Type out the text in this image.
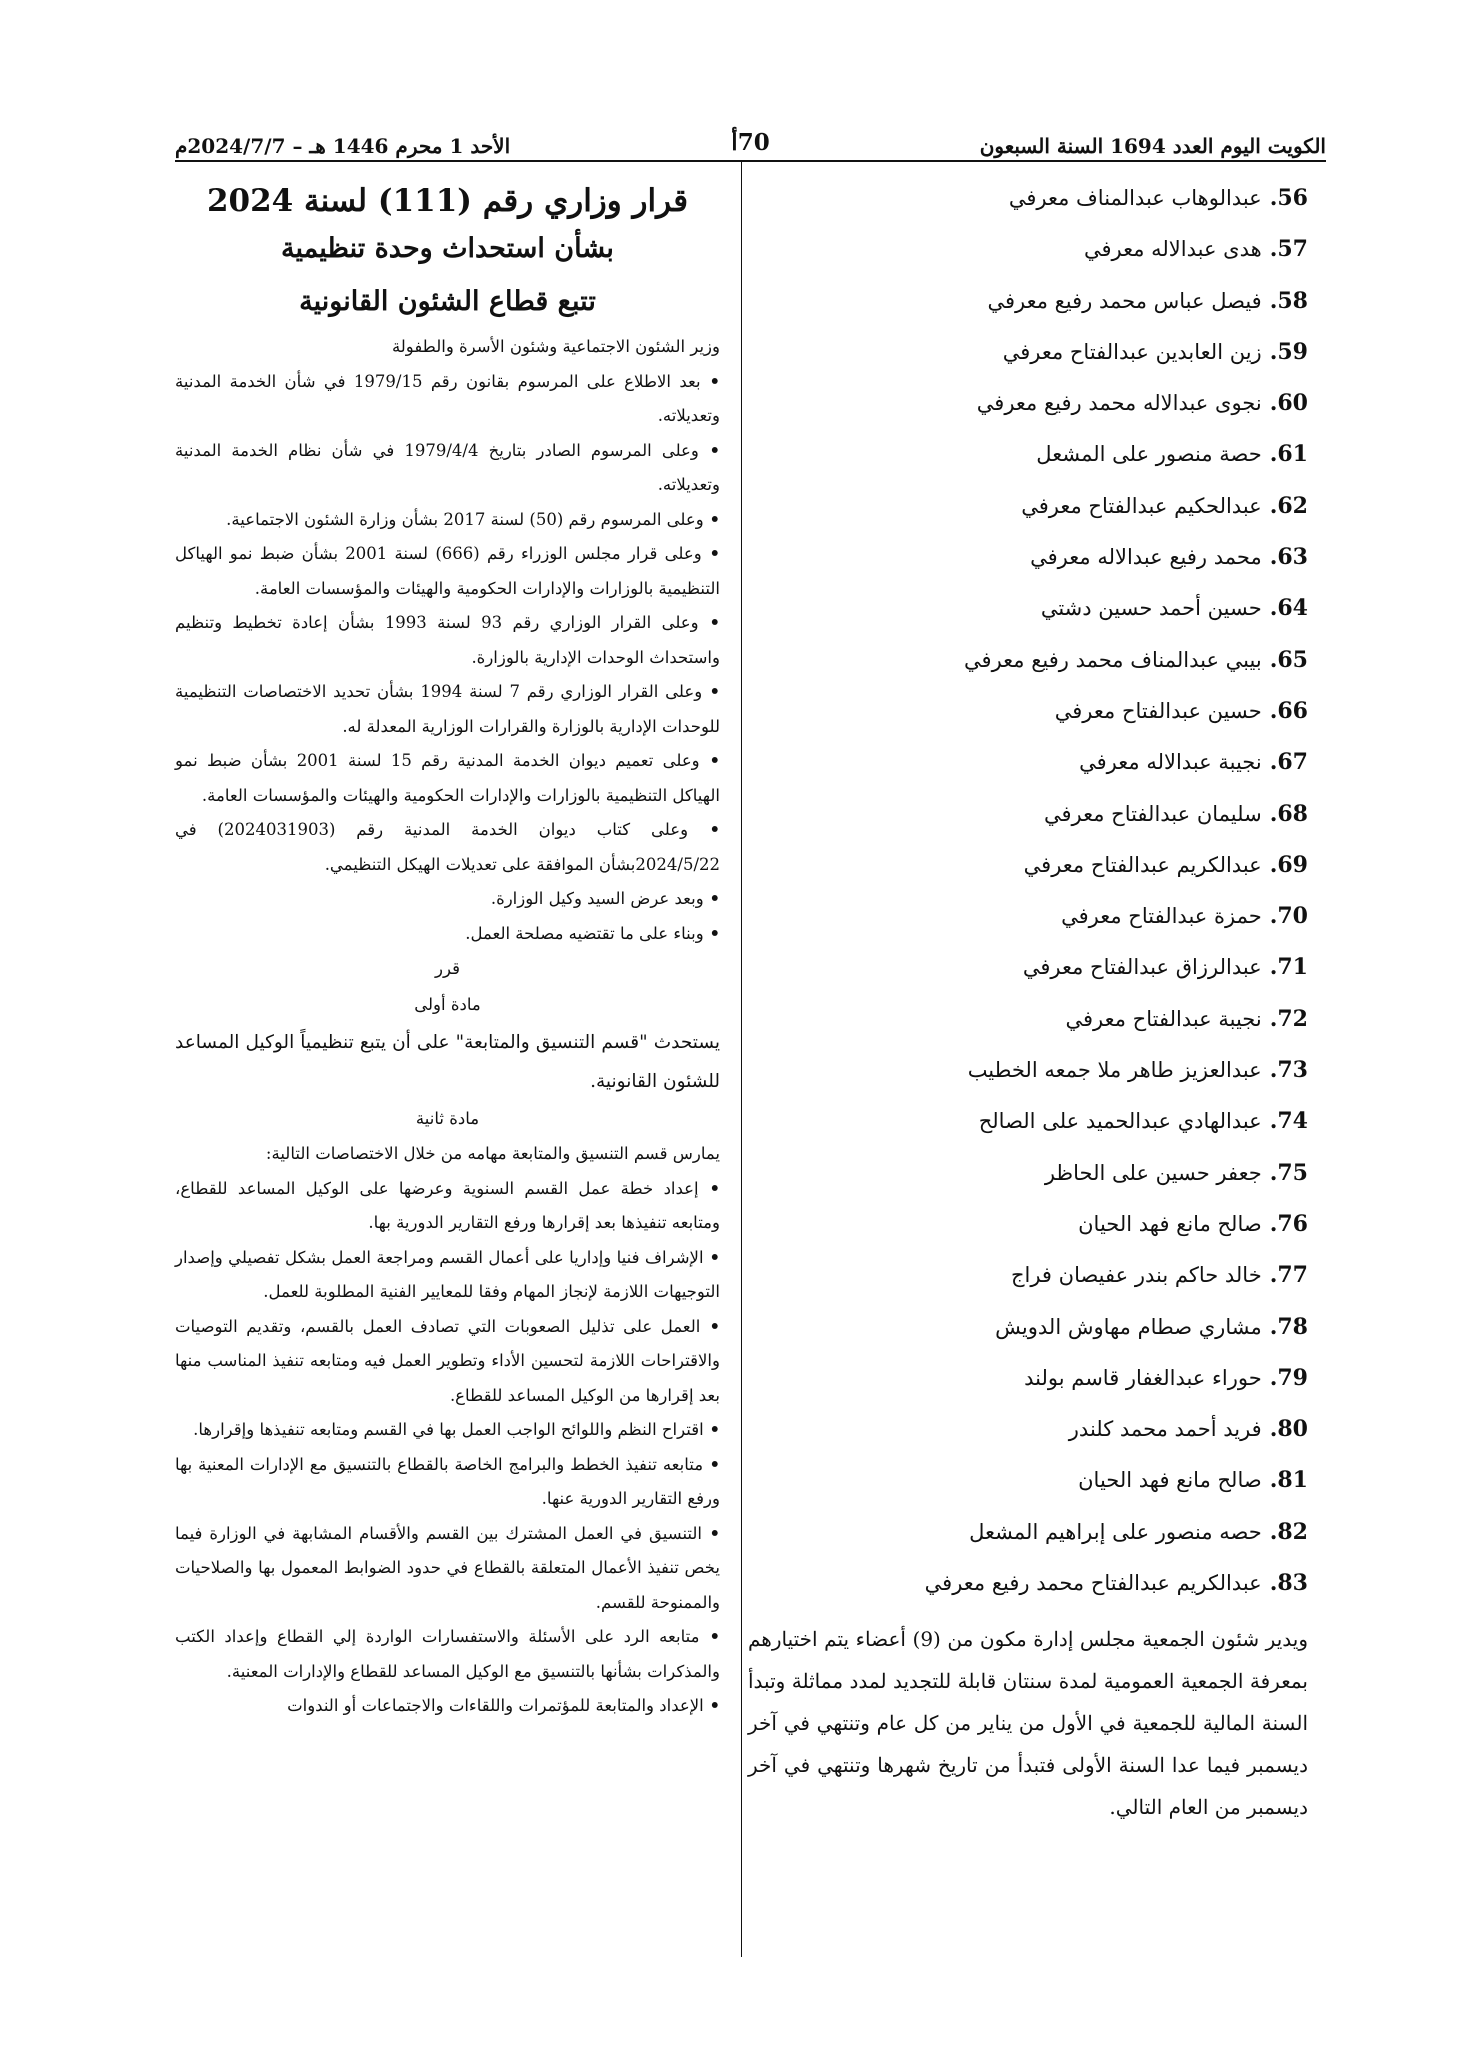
الكويت اليوم العدد 1694 السنة السبعون
70أ
الأحد 1 محرم 1446 هـ – 2024/7/7م
56.عبدالوهاب عبدالمناف معرفي
57.هدى عبدالاله معرفي
58.فيصل عباس محمد رفيع معرفي
59.زين العابدين عبدالفتاح معرفي
60.نجوى عبدالاله محمد رفيع معرفي
61.حصة منصور على المشعل
62.عبدالحكيم عبدالفتاح معرفي
63.محمد رفيع عبدالاله معرفي
64.حسين أحمد حسين دشتي
65.بيبي عبدالمناف محمد رفيع معرفي
66.حسين عبدالفتاح معرفي
67.نجيبة عبدالاله معرفي
68.سليمان عبدالفتاح معرفي
69.عبدالكريم عبدالفتاح معرفي
70.حمزة عبدالفتاح معرفي
71.عبدالرزاق عبدالفتاح معرفي
72.نجيبة عبدالفتاح معرفي
73.عبدالعزيز طاهر ملا جمعه الخطيب
74.عبدالهادي عبدالحميد على الصالح
75.جعفر حسين على الحاظر
76.صالح مانع فهد الحيان
77.خالد حاكم بندر عفيصان فراج
78.مشاري صطام مهاوش الدويش
79.حوراء عبدالغفار قاسم بولند
80.فريد أحمد محمد كلندر
81.صالح مانع فهد الحيان
82.حصه منصور على إبراهيم المشعل
83.عبدالكريم عبدالفتاح محمد رفيع معرفي
ويدير شئون الجمعية مجلس إدارة مكون من (9) أعضاء يتم اختيارهم بمعرفة الجمعية العمومية لمدة سنتان قابلة للتجديد لمدد مماثلة وتبدأ السنة المالية للجمعية في الأول من يناير من كل عام وتنتهي في آخر ديسمبر فيما عدا السنة الأولى فتبدأ من تاريخ شهرها وتنتهي في آخر ديسمبر من العام التالي.
قرار وزاري رقم (111) لسنة 2024
بشأن استحداث وحدة تنظيمية
تتبع قطاع الشئون القانونية
وزير الشئون الاجتماعية وشئون الأسرة والطفولة
• بعد الاطلاع على المرسوم بقانون رقم 1979/15 في شأن الخدمة المدنية وتعديلاته.
• وعلى المرسوم الصادر بتاريخ 1979/4/4 في شأن نظام الخدمة المدنية وتعديلاته.
• وعلى المرسوم رقم (50) لسنة 2017 بشأن وزارة الشئون الاجتماعية.
• وعلى قرار مجلس الوزراء رقم (666) لسنة 2001 بشأن ضبط نمو الهياكل التنظيمية بالوزارات والإدارات الحكومية والهيئات والمؤسسات العامة.
• وعلى القرار الوزاري رقم 93 لسنة 1993 بشأن إعادة تخطيط وتنظيم واستحداث الوحدات الإدارية بالوزارة.
• وعلى القرار الوزاري رقم 7 لسنة 1994 بشأن تحديد الاختصاصات التنظيمية للوحدات الإدارية بالوزارة والقرارات الوزارية المعدلة له.
• وعلى تعميم ديوان الخدمة المدنية رقم 15 لسنة 2001 بشأن ضبط نمو الهياكل التنظيمية بالوزارات والإدارات الحكومية والهيئات والمؤسسات العامة.
• وعلى كتاب ديوان الخدمة المدنية رقم (2024031903) في 2024/5/22بشأن الموافقة على تعديلات الهيكل التنظيمي.
• وبعد عرض السيد وكيل الوزارة.
• وبناء على ما تقتضيه مصلحة العمل.
قرر
مادة أولى
يستحدث "قسم التنسيق والمتابعة" على أن يتبع تنظيمياً الوكيل المساعد للشئون القانونية.
مادة ثانية
يمارس قسم التنسيق والمتابعة مهامه من خلال الاختصاصات التالية:
• إعداد خطة عمل القسم السنوية وعرضها على الوكيل المساعد للقطاع، ومتابعه تنفيذها بعد إقرارها ورفع التقارير الدورية بها.
• الإشراف فنيا وإداريا على أعمال القسم ومراجعة العمل بشكل تفصيلي وإصدار التوجيهات اللازمة لإنجاز المهام وفقا للمعايير الفنية المطلوبة للعمل.
• العمل على تذليل الصعوبات التي تصادف العمل بالقسم، وتقديم التوصيات والاقتراحات اللازمة لتحسين الأداء وتطوير العمل فيه ومتابعه تنفيذ المناسب منها بعد إقرارها من الوكيل المساعد للقطاع.
• اقتراح النظم واللوائح الواجب العمل بها في القسم ومتابعه تنفيذها وإقرارها.
• متابعه تنفيذ الخطط والبرامج الخاصة بالقطاع بالتنسيق مع الإدارات المعنية بها ورفع التقارير الدورية عنها.
• التنسيق في العمل المشترك بين القسم والأقسام المشابهة في الوزارة فيما يخص تنفيذ الأعمال المتعلقة بالقطاع في حدود الضوابط المعمول بها والصلاحيات والممنوحة للقسم.
• متابعه الرد على الأسئلة والاستفسارات الواردة إلي القطاع وإعداد الكتب والمذكرات بشأنها بالتنسيق مع الوكيل المساعد للقطاع والإدارات المعنية.
• الإعداد والمتابعة للمؤتمرات واللقاءات والاجتماعات أو الندوات
